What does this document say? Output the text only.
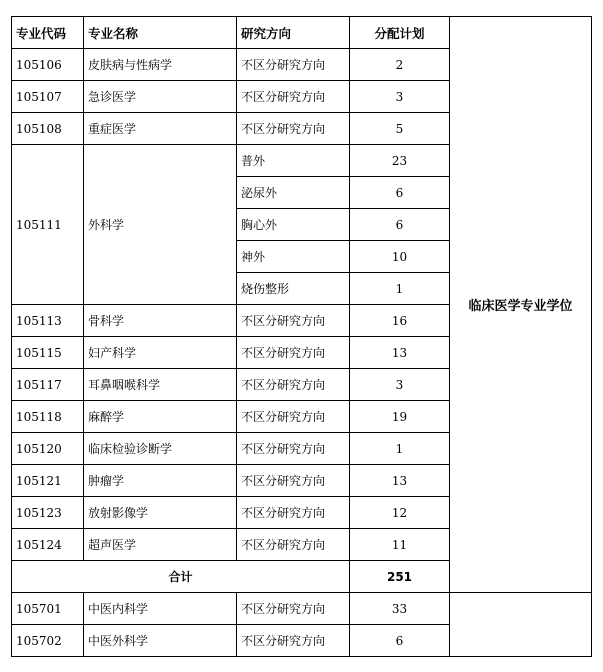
专业代码	专业名称	研究方向	分配计划	临床医学专业学位
105106	皮肤病与性病学	不区分研究方向	2	
105107	急诊医学	不区分研究方向	3	
105108	重症医学	不区分研究方向	5	
105111	外科学	普外	23	
		泌尿外	6	
		胸心外	6	
		神外	10	
		烧伤整形	1	
105113	骨科学	不区分研究方向	16	
105115	妇产科学	不区分研究方向	13	
105117	耳鼻咽喉科学	不区分研究方向	3	
105118	麻醉学	不区分研究方向	19	
105120	临床检验诊断学	不区分研究方向	1	
105121	肿瘤学	不区分研究方向	13	
105123	放射影像学	不区分研究方向	12	
105124	超声医学	不区分研究方向	11	
合计			251	
105701	中医内科学	不区分研究方向	33	
105702	中医外科学	不区分研究方向	6	
